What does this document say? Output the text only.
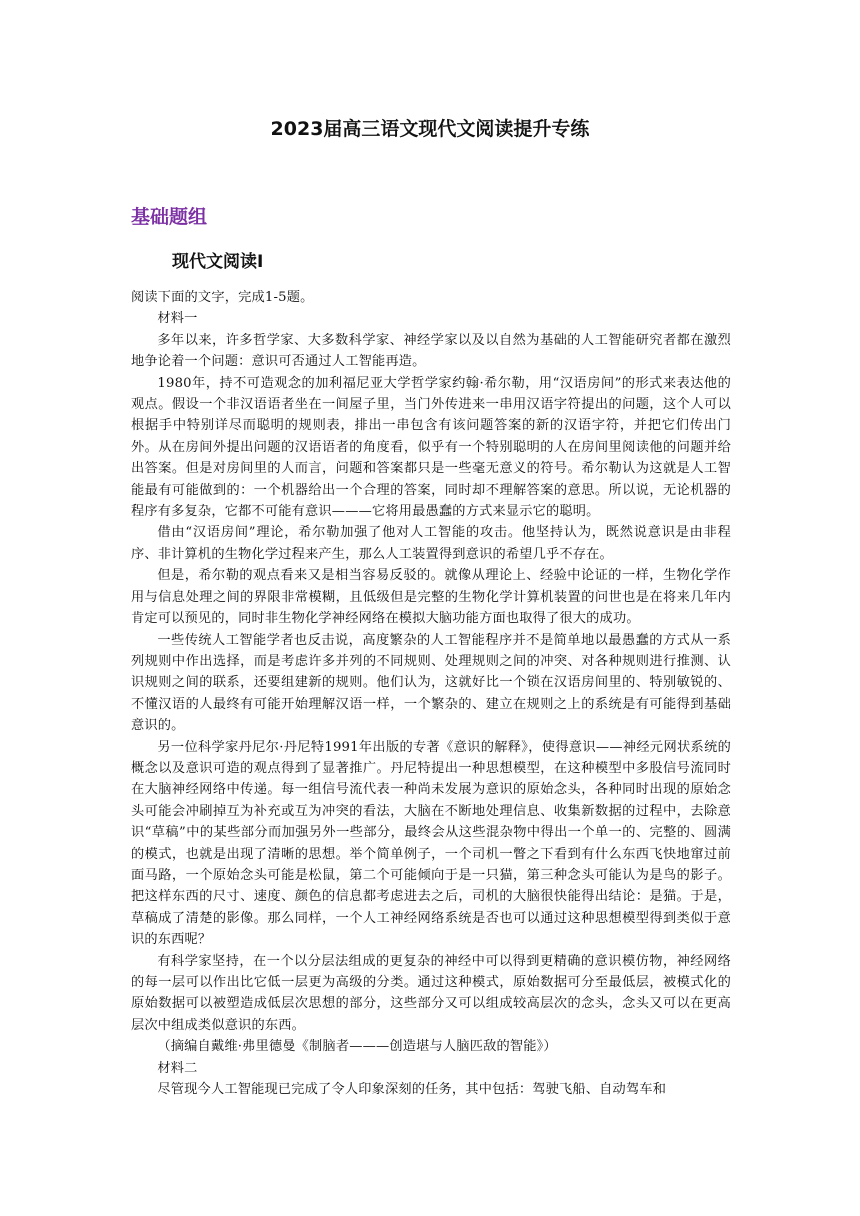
2023届高三语文现代文阅读提升专练
基础题组
现代文阅读Ⅰ

阅读下面的文字，完成1-5题。

材料一

多年以来，许多哲学家、大多数科学家、神经学家以及以自然为基础的人工智能研究者都在激烈地争论着一个问题：意识可否通过人工智能再造。

1980年，持不可造观念的加利福尼亚大学哲学家约翰·希尔勒，用“汉语房间”的形式来表达他的观点。假设一个非汉语语者坐在一间屋子里，当门外传进来一串用汉语字符提出的问题，这个人可以根据手中特别详尽而聪明的规则表，排出一串包含有该问题答案的新的汉语字符，并把它们传出门外。从在房间外提出问题的汉语语者的角度看，似乎有一个特别聪明的人在房间里阅读他的问题并给出答案。但是对房间里的人而言，问题和答案都只是一些毫无意义的符号。希尔勒认为这就是人工智能最有可能做到的：一个机器给出一个合理的答案，同时却不理解答案的意思。所以说，无论机器的程序有多复杂，它都不可能有意识———它将用最愚蠢的方式来显示它的聪明。

借由“汉语房间”理论，希尔勒加强了他对人工智能的攻击。他坚持认为，既然说意识是由非程序、非计算机的生物化学过程来产生，那么人工装置得到意识的希望几乎不存在。

但是，希尔勒的观点看来又是相当容易反驳的。就像从理论上、经验中论证的一样，生物化学作用与信息处理之间的界限非常模糊，且低级但是完整的生物化学计算机装置的问世也是在将来几年内肯定可以预见的，同时非生物化学神经网络在模拟大脑功能方面也取得了很大的成功。

一些传统人工智能学者也反击说，高度繁杂的人工智能程序并不是简单地以最愚蠢的方式从一系列规则中作出选择，而是考虑许多并列的不同规则、处理规则之间的冲突、对各种规则进行推测、认识规则之间的联系，还要组建新的规则。他们认为，这就好比一个锁在汉语房间里的、特别敏锐的、不懂汉语的人最终有可能开始理解汉语一样，一个繁杂的、建立在规则之上的系统是有可能得到基础意识的。

另一位科学家丹尼尔·丹尼特1991年出版的专著《意识的解释》，使得意识——神经元网状系统的概念以及意识可造的观点得到了显著推广。丹尼特提出一种思想模型，在这种模型中多股信号流同时在大脑神经网络中传递。每一组信号流代表一种尚未发展为意识的原始念头，各种同时出现的原始念头可能会冲刷掉互为补充或互为冲突的看法，大脑在不断地处理信息、收集新数据的过程中，去除意识“草稿”中的某些部分而加强另外一些部分，最终会从这些混杂物中得出一个单一的、完整的、圆满的模式，也就是出现了清晰的思想。举个简单例子，一个司机一瞥之下看到有什么东西飞快地窜过前面马路，一个原始念头可能是松鼠，第二个可能倾向于是一只猫，第三种念头可能认为是鸟的影子。把这样东西的尺寸、速度、颜色的信息都考虑进去之后，司机的大脑很快能得出结论：是猫。于是，草稿成了清楚的影像。那么同样，一个人工神经网络系统是否也可以通过这种思想模型得到类似于意识的东西呢？

有科学家坚持，在一个以分层法组成的更复杂的神经中可以得到更精确的意识模仿物，神经网络的每一层可以作出比它低一层更为高级的分类。通过这种模式，原始数据可分至最低层，被模式化的原始数据可以被塑造成低层次思想的部分，这些部分又可以组成较高层次的念头，念头又可以在更高层次中组成类似意识的东西。

（摘编自戴维·弗里德曼《制脑者———创造堪与人脑匹敌的智能》）

材料二

尽管现今人工智能现已完成了令人印象深刻的任务，其中包括：驾驶飞船、自动驾车和
